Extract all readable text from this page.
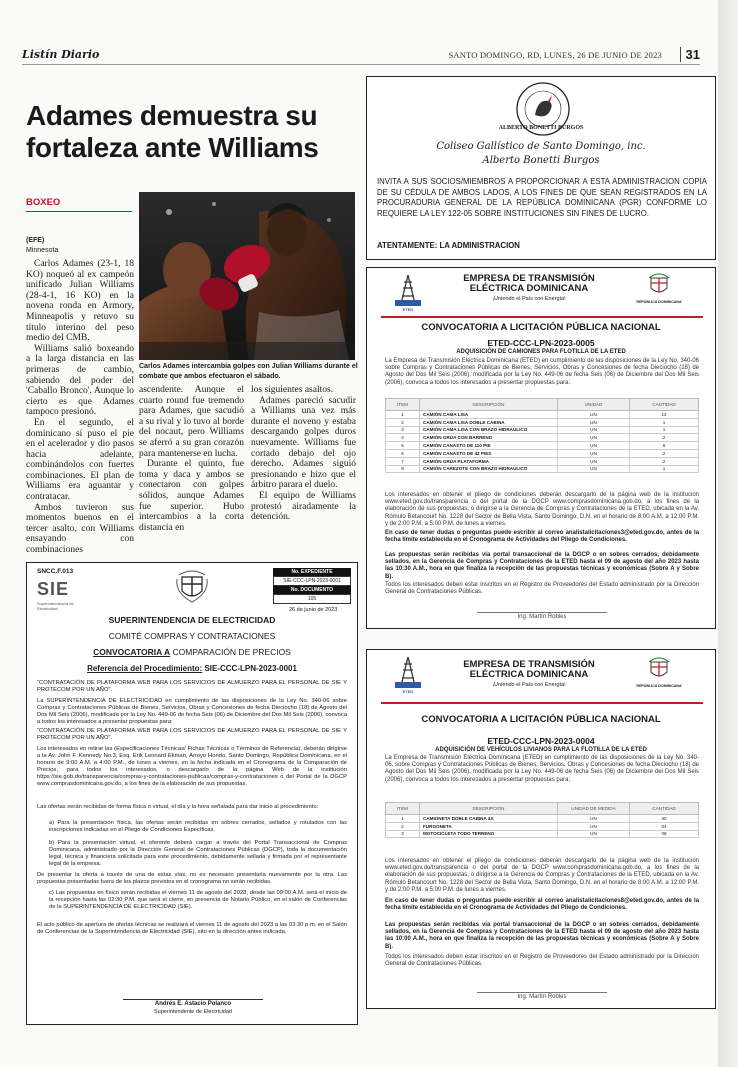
Listín Diario	SANTO DOMINGO, RD, LUNES, 26 DE JUNIO DE 2023	31
Adames demuestra su fortaleza ante Williams
BOXEO
(EFE)
Minnesota

Carlos Adames (23-1, 18 KO) noqueó al ex campeón unificado Julian Williams (28-4-1, 16 KO) en la novena ronda en Armory, Minneapolis y retuvo su título interino del peso medio del CMB.

Williams salió boxeando a la larga distancia en las primeras de cambio, sabiendo del poder del 'Caballo Bronco'. Aunque lo cierto es que Adames tampoco presionó.

En el segundo, el dominicano sí puso el pie en el acelerador y dio pasos hacia adelante, combinándolos con fuertes combinaciones. El plan de Williams era aguantar y contratacar.

Ambos tuvieron sus momentos buenos en el tercer asalto, con Williams ensayando con combinaciones

Carlos Adames intercambia golpes con Julian Williams durante el combate que ambos efectuaron el sábado.

ascendente. Aunque el cuarto round fue tremendo para Adames, que sacudió a su rival y lo tuvo al borde del nocaut, pero Williams se aferró a su gran corazón para mantenerse en lucha.

Durante el quinto, fue toma y daca y ambos se conectaron con golpes sólidos, aunque Adames fue superior. Hubo intercambios a la corta distancia en

los siguientes asaltos.

Adames pareció sacudir a Williams una vez más durante el noveno y estaba descargando golpes duros nuevamente. Williams fue cortado debajo del ojo derecho. Adames siguió presionando e hizo que el árbitro parara el duelo.

El equipo de Williams protestó airadamente la detención.

ALBERTO BONETTI BURGOS
Coliseo Gallístico de Santo Domingo, inc.
Alberto Bonetti Burgos
INVITA A SUS SOCIOS/MIEMBROS A PROPORCIONAR A ESTA ADMINISTRACION COPIA DE SU CÉDULA DE AMBOS LADOS, A LOS FINES DE QUE SEAN REGISTRADOS EN LA PROCURADURIA GENERAL DE LA REPÚBLICA DOMINICANA (PGR) CONFORME LO REQUIERE LA LEY 122-05 SOBRE INSTITUCIONES SIN FINES DE LUCRO.
ATENTAMENTE: LA ADMINISTRACION
ETED
EMPRESA DE TRANSMISIÓN ELÉCTRICA DOMINICANA
¡Uniendo el País con Energía!	REPÚBLICA DOMINICANA
CONVOCATORIA A LICITACIÓN PÚBLICA NACIONAL
ETED-CCC-LPN-2023-0005
ADQUISICIÓN DE CAMIONES PARA FLOTILLA DE LA ETED
La Empresa de Transmisión Eléctrica Dominicana (ETED) en cumplimiento de las disposiciones de la Ley No. 340-06 sobre Compras y Contrataciones Públicas de Bienes, Servicios, Obras y Concesiones de fecha Dieciocho (18) de Agosto del Dos Mil Seis (2006), modificada por la Ley No. 449-06 de fecha Seis (06) de Diciembre del Dos Mil Seis (2006), convoca a todos los interesados a presentar propuestas para:
ITEM	DESCRIPCIÓN	UNIDAD	CANTIDAD
1	CAMIÓN CAMA LISA	UN	12
2	CAMIÓN CAMA LISA DOBLE CABINA	UN	1
3	CAMIÓN CAMA LISA CON BRAZO HIDRAULICO	UN	1
4	CAMIÓN GRÚA CON BARRENO	UN	2
5	CAMIÓN CANASTO DE 110 PIE	UN	6
6	CAMIÓN CANASTO DE 42 PIES	UN	2
7	CAMIÓN GRÚA PLATAFORMA	UN	2
8	CAMIÓN CAREZOTE CON BRAZO HIDRAULICO	UN	1
Los interesados en obtener el pliego de condiciones deberán descargarlo de la página web de la institución www.eted.gov.do/transparencia o del portal de la DGCP www.comprasdominicana.gob.do, a los fines de la elaboración de sus propuestas, o dirigirse a la Gerencia de Compras y Contrataciones de la ETED, ubicada en la Av. Rómulo Betancourt No. 1228 del Sector de Bella Vista, Santo Domingo, D.N. en el horario de 8:00 A.M. a 12:00 P.M. y de 2:00 P.M. a 5:00 P.M. de lunes a viernes.
En caso de tener dudas o preguntas puede escribir al correo analistalicitaciones3@eted.gov.do, antes de la fecha límite establecida en el Cronograma de Actividades del Pliego de Condiciones.
Las propuestas serán recibidas vía portal transaccional de la DGCP o en sobres cerrados, debidamente sellados, en la Gerencia de Compras y Contrataciones de la ETED hasta el 09 de agosto del año 2023 hasta las 10:30 A.M., hora en que finaliza la recepción de las propuestas técnicas y económicas (Sobre A y Sobre B).
Todos los interesados deben estar inscritos en el Registro de Proveedores del Estado administrado por la Dirección General de Contrataciones Públicas.
Ing. Martín Robles
ETED
EMPRESA DE TRANSMISIÓN ELÉCTRICA DOMINICANA
¡Uniendo el País con Energía!	REPÚBLICA DOMINICANA
CONVOCATORIA A LICITACIÓN PÚBLICA NACIONAL
ETED-CCC-LPN-2023-0004
ADQUISICIÓN DE VEHÍCULOS LIVIANOS PARA LA FLOTILLA DE LA ETED
La Empresa de Transmisión Eléctrica Dominicana (ETED) en cumplimiento de las disposiciones de la Ley No. 340-06, sobre Compras y Contrataciones Públicas de Bienes, Servicios, Obras y Concesiones de fecha Dieciocho (18) de Agosto del Dos Mil Seis (2006), modificada por la Ley No. 449-06 de fecha Seis (06) de Diciembre del Dos Mil Seis (2006), convoca a todos los interesados a presentar propuestas para:
ITEM	DESCRIPCIÓN	UNIDAD DE MEDIDA	CANTIDAD
1	CAMIONETA DOBLE CABINA 4X	UN	40
2	FURGONETA	UN	04
3	MOTOCICLETA TODO TERRENO	UN	08
Los interesados en obtener el pliego de condiciones deberán descargarlo de la página web de la institución www.eted.gov.do/transparencia o del portal de la DGCP www.comprasdominicana.gob.do, a los fines de la elaboración de sus propuestas, o dirigirse a la Gerencia de Compras y Contrataciones de la ETED, ubicada en la Av. Rómulo Betancourt No. 1228 del Sector de Bella Vista, Santo Domingo, D.N. en el horario de 8:00 A.M. a 12:00 P.M. y de 2:00 P.M. a 5:00 P.M. de lunes a viernes.
En caso de tener dudas o preguntas puede escribir al correo analistalicitaciones8@eted.gov.do, antes de la fecha límite establecida en el Cronograma de Actividades del Pliego de Condiciones.
Las propuestas serán recibidas vía portal transaccional de la DGCP o en sobres cerrados, debidamente sellados, en la Gerencia de Compras y Contrataciones de la ETED hasta el 09 de agosto del año 2023 hasta las 10:00 A.M., hora en que finaliza la recepción de las propuestas técnicas y económicas (Sobre A y Sobre B).
Todos los interesados deben estar inscritos en el Registro de Proveedores del Estado administrado por la Dirección General de Contrataciones Públicas.
Ing. Martín Robles
SNCC.F.013
SIE
Superintendencia de Electricidad
No. EXPEDIENTE
SIE-CCC-LPN-2023-0001
No. DOCUMENTO
105
26 de junio de 2023
SUPERINTENDENCIA DE ELECTRICIDAD
COMITÉ COMPRAS Y CONTRATACIONES
CONVOCATORIA A COMPARACIÓN DE PRECIOS
Referencia del Procedimiento: SIE-CCC-LPN-2023-0001
"CONTRATACIÓN DE PLATAFORMA WEB PARA LOS SERVICIOS DE ALMUERZO PARA EL PERSONAL DE SIE Y PROTECOM POR UN AÑO".
La SUPERINTENDENCIA DE ELECTRICIDAD en cumplimiento de las disposiciones de la Ley No. 340-06 sobre Compras y Contrataciones Públicas de Bienes, Servicios, Obras y Concesiones de fecha Dieciocho (18) de Agosto del Dos Mil Seis (2006), modificada por la Ley No. 449-06 de fecha Seis (06) de Diciembre del Dos Mil Seis (2006), convoca a todos los interesados a presentar propuestas para:
"CONTRATACIÓN DE PLATAFORMA WEB PARA LOS SERVICIOS DE ALMUERZO PARA EL PERSONAL DE SIE Y PROTECOM POR UN AÑO".
Los interesados en retirar las (Especificaciones Técnicas/ Fichas Técnicas o Términos de Referencia), deberán dirigirse a la Av. John F. Kennedy No.3, Esq. Erik Leonard Ekman, Arroyo Hondo, Santo Domingo, República Dominicana, en el horario de 9:00 A.M. a 4:00 P.M., de lunes a viernes, en la fecha indicada en el Cronograma de la Comparación de Precios, para todos los interesados, o descargarlo de la página Web de la institución https://sie.gob.do/transparencia/compras-y-contrataciones-publicas/compras-y-contrataciones o del Portal de la DGCP www.comprasdominicana.gov.do, a los fines de la elaboración de sus propuestas.
Las ofertas serán recibidas de forma física o virtual, el día y la hora señalada para dar inicio al procedimiento:
a) Para la presentación física, las ofertas serán recibidas en sobres cerrados, sellados y rotulados con las inscripciones indicadas en el Pliego de Condiciones Específicas.
b) Para la presentación virtual, el oferente deberá cargar a través del Portal Transaccional de Compras Dominicana, administrado por la Dirección General de Contrataciones Públicas (DGCP), toda la documentación legal, técnica y financiera solicitada para este procedimiento, debidamente sellada y firmada por el representante legal de la empresa.
De presentar la oferta a través de una de estas vías, no es necesario presentarla nuevamente por la otra. Las propuestas presentadas fuera de los plazos previstos en el cronograma no serán recibidas.
c) Las propuestas en físico serán recibidas el viernes 11 de agosto del 2023, desde las 09:00 A.M. será el inicio de la recepción hasta las 02:30 P.M. que será el cierre, en presencia de Notario Público, en el salón de Conferencias de la SUPERINTENDENCIA DE ELECTRICIDAD (SIE).
El acto público de apertura de ofertas técnicas se realizará el viernes 11 de agosto del 2023 a las 03:30 p.m. en el Salón de Conferencias de la Superintendencia de Electricidad (SIE), sito en la dirección antes indicada.
Andrés E. Astacio Polanco
Superintendente de Electricidad
